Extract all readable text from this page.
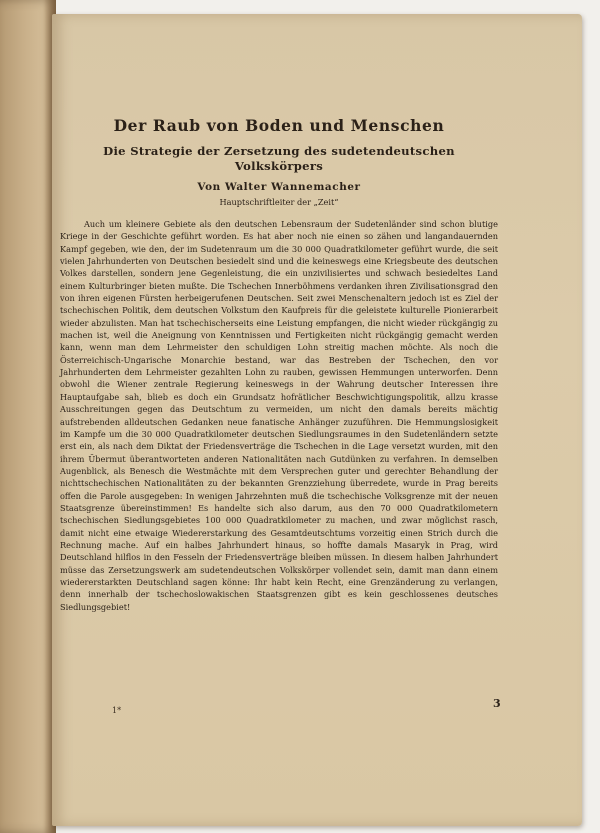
Der Raub von Boden und Menschen
Die Strategie der Zersetzung des sudetendeutschen Volkskörpers

Von Walter Wannemacher

Hauptschriftleiter der „Zeit“

Auch um kleinere Gebiete als den deutschen Lebensraum der Sudetenländer sind schon blutige Kriege in der Geschichte geführt worden. Es hat aber noch nie einen so zähen und langandauernden Kampf gegeben, wie den, der im Sudetenraum um die 30 000 Quadratkilometer geführt wurde, die seit vielen Jahrhunderten von Deutschen besiedelt sind und die keineswegs eine Kriegsbeute des deutschen Volkes darstellen, sondern jene Gegenleistung, die ein unzivilisiertes und schwach besiedeltes Land einem Kulturbringer bieten mußte. Die Tschechen Innerböhmens verdanken ihren Zivilisationsgrad den von ihren eigenen Fürsten herbeigerufenen Deutschen. Seit zwei Menschenaltern jedoch ist es Ziel der tschechischen Politik, dem deutschen Volkstum den Kaufpreis für die geleistete kulturelle Pionierarbeit wieder abzulisten. Man hat tschechischerseits eine Leistung empfangen, die nicht wieder rückgängig zu machen ist, weil die Aneignung von Kenntnissen und Fertigkeiten nicht rückgängig gemacht werden kann, wenn man dem Lehrmeister den schuldigen Lohn streitig machen möchte. Als noch die Österreichisch-Ungarische Monarchie bestand, war das Bestreben der Tschechen, den vor Jahrhunderten dem Lehrmeister gezahlten Lohn zu rauben, gewissen Hemmungen unterworfen. Denn obwohl die Wiener zentrale Regierung keineswegs in der Wahrung deutscher Interessen ihre Hauptaufgabe sah, blieb es doch ein Grundsatz hofrätlicher Beschwichtigungspolitik, allzu krasse Ausschreitungen gegen das Deutschtum zu vermeiden, um nicht den damals bereits mächtig aufstrebenden alldeutschen Gedanken neue fanatische Anhänger zuzuführen. Die Hemmungslosigkeit im Kampfe um die 30 000 Quadratkilometer deutschen Siedlungsraumes in den Sudetenländern setzte erst ein, als nach dem Diktat der Friedensverträge die Tschechen in die Lage versetzt wurden, mit den ihrem Übermut überantworteten anderen Nationalitäten nach Gutdünken zu verfahren. In demselben Augenblick, als Benesch die Westmächte mit dem Versprechen guter und gerechter Behandlung der nichttschechischen Nationalitäten zu der bekannten Grenzziehung überredete, wurde in Prag bereits offen die Parole ausgegeben: In wenigen Jahrzehnten muß die tschechische Volksgrenze mit der neuen Staatsgrenze übereinstimmen! Es handelte sich also darum, aus den 70 000 Quadratkilometern tschechischen Siedlungsgebietes 100 000 Quadratkilometer zu machen, und zwar möglichst rasch, damit nicht eine etwaige Wiedererstarkung des Gesamtdeutschtums vorzeitig einen Strich durch die Rechnung mache. Auf ein halbes Jahrhundert hinaus, so hoffte damals Masaryk in Prag, wird Deutschland hilflos in den Fesseln der Friedensverträge bleiben müssen. In diesem halben Jahrhundert müsse das Zersetzungswerk am sudetendeutschen Volkskörper vollendet sein, damit man dann einem wiedererstarkten Deutschland sagen könne: Ihr habt kein Recht, eine Grenzänderung zu verlangen, denn innerhalb der tschechoslowakischen Staatsgrenzen gibt es kein geschlossenes deutsches Siedlungsgebiet!

1*
3
